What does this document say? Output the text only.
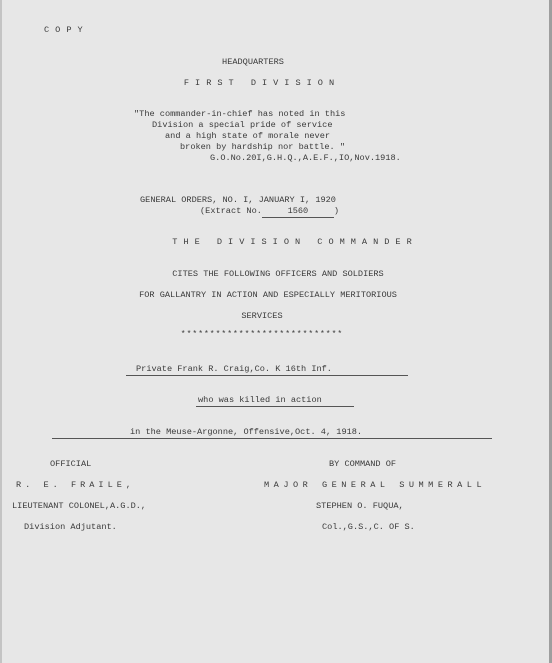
COPY
HEADQUARTERS
FIRST DIVISION
"The commander-in-chief has noted in this
Division a special pride of service
and a high state of morale never
broken by hardship nor battle. "
G.O.No.20I,G.H.Q.,A.E.F.,IO,Nov.1918.
GENERAL ORDERS, NO. I, JANUARY I, 1920
(Extract No.	1560	)
THE DIVISION COMMANDER
CITES THE FOLLOWING OFFICERS AND SOLDIERS
FOR GALLANTRY IN ACTION AND ESPECIALLY MERITORIOUS
SERVICES
****************************
Private Frank R. Craig,Co. K 16th Inf.
who was killed in action
in the Meuse-Argonne, Offensive,Oct. 4, 1918.
OFFICIAL
R. E. FRAILE,
LIEUTENANT COLONEL,A.G.D.,
Division Adjutant.
BY COMMAND OF
MAJOR GENERAL SUMMERALL
STEPHEN O. FUQUA,
Col.,G.S.,C. OF S.
